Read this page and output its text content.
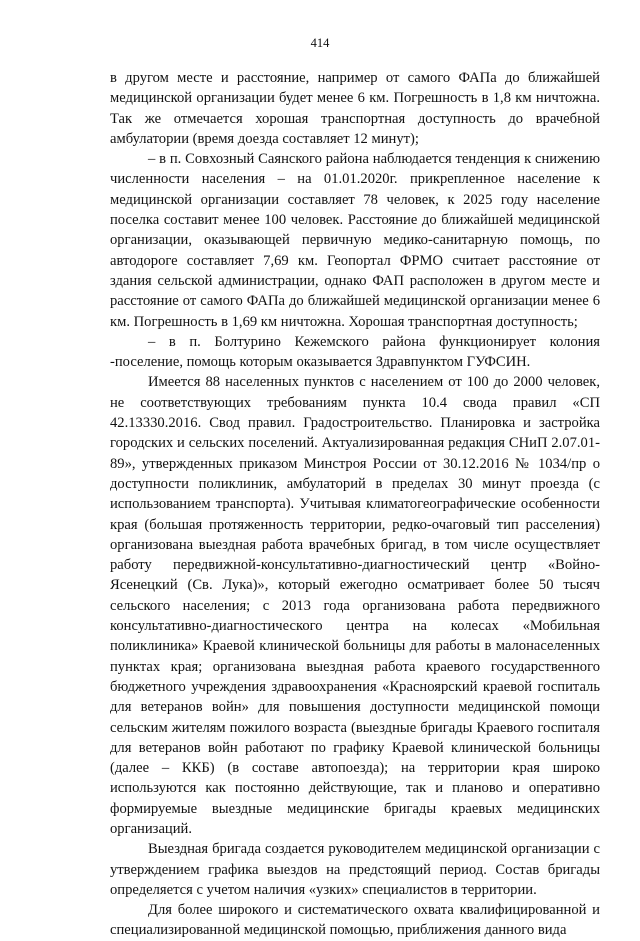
414

в другом месте и расстояние, например от самого ФАПа до ближайшей медицинской организации будет менее 6 км. Погрешность в 1,8 км ничтожна. Так же отмечается хорошая транспортная доступность до врачебной амбулатории (время доезда составляет 12 минут);

– в п. Совхозный Саянского района наблюдается тенденция к снижению численности населения – на 01.01.2020г. прикрепленное население к медицинской организации составляет 78 человек, к 2025 году население поселка составит менее 100 человек. Расстояние до ближайшей медицинской организации, оказывающей первичную медико-санитарную помощь, по автодороге составляет 7,69 км. Геопортал ФРМО считает расстояние от здания сельской администрации, однако ФАП расположен в другом месте и расстояние от самого ФАПа до ближайшей медицинской организации менее 6 км. Погрешность в 1,69 км ничтожна. Хорошая транспортная доступность;

– в п. Болтурино Кежемского района функционирует колония -поселение, помощь которым оказывается Здравпунктом ГУФСИН.

Имеется 88 населенных пунктов с населением от 100 до 2000 человек, не соответствующих требованиям пункта 10.4 свода правил «СП 42.13330.2016. Свод правил. Градостроительство. Планировка и застройка городских и сельских поселений. Актуализированная редакция СНиП 2.07.01-89», утвержденных приказом Минстроя России от 30.12.2016 № 1034/пр о доступности поликлиник, амбулаторий в пределах 30 минут проезда (с использованием транспорта). Учитывая климатогеографические особенности края (большая протяженность территории, редко-очаговый тип расселения) организована выездная работа врачебных бригад, в том числе осуществляет работу передвижной-консультативно-диагностический центр «Войно-Ясенецкий (Св. Лука)», который ежегодно осматривает более 50 тысяч сельского населения; с 2013 года организована работа передвижного консультативно-диагностического центра на колесах «Мобильная поликлиника» Краевой клинической больницы для работы в малонаселенных пунктах края; организована выездная работа краевого государственного бюджетного учреждения здравоохранения «Красноярский краевой госпиталь для ветеранов войн» для повышения доступности медицинской помощи сельским жителям пожилого возраста (выездные бригады Краевого госпиталя для ветеранов войн работают по графику Краевой клинической больницы (далее – ККБ) (в составе автопоезда); на территории края широко используются как постоянно действующие, так и планово и оперативно формируемые выездные медицинские бригады краевых медицинских организаций.

Выездная бригада создается руководителем медицинской организации с утверждением графика выездов на предстоящий период. Состав бригады определяется с учетом наличия «узких» специалистов в территории.

Для более широкого и систематического охвата квалифицированной и специализированной медицинской помощью, приближения данного вида
